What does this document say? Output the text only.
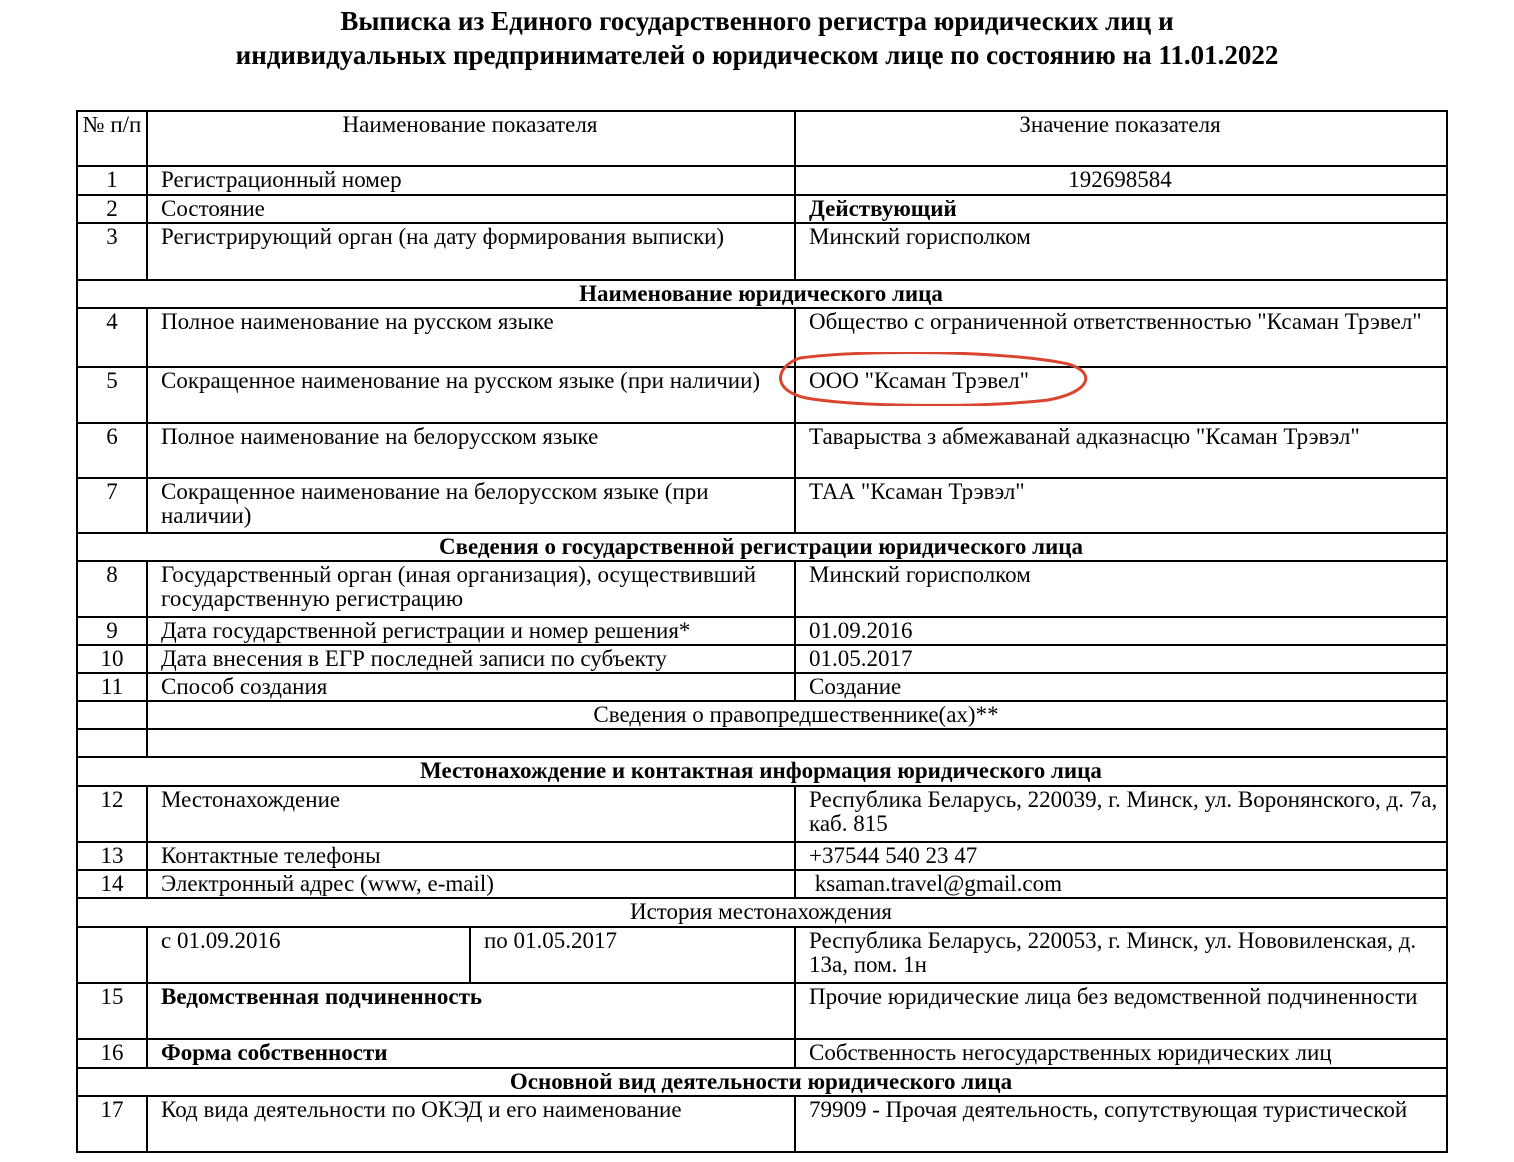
Выписка из Единого государственного регистра юридических лиц и
индивидуальных предпринимателей о юридическом лице по состоянию на 11.01.2022
№ п/п	Наименование показателя		Значение показателя
1	Регистрационный номер		192698584
2	Состояние		Действующий
3	Регистрирующий орган (на дату формирования выписки)		Минский горисполком
Наименование юридического лица			
4	Полное наименование на русском языке		Общество с ограниченной ответственностью "Ксаман Трэвел"
5	Сокращенное наименование на русском языке (при наличии)		ООО "Ксаман Трэвел"
6	Полное наименование на белорусском языке		Таварыства з абмежаванай адказнасцю "Ксаман Трэвэл"
7	Сокращенное наименование на белорусском языке (при наличии)		ТАА "Ксаман Трэвэл"
Сведения о государственной регистрации юридического лица			
8	Государственный орган (иная организация), осуществивший государственную регистрацию		Минский горисполком
9	Дата государственной регистрации и номер решения*		01.09.2016
10	Дата внесения в ЕГР последней записи по субъекту		01.05.2017
11	Способ создания		Создание
	Сведения о правопредшественнике(ах)**		

Местонахождение и контактная информация юридического лица			
12	Местонахождение		Республика Беларусь, 220039, г. Минск, ул. Воронянского, д. 7а, каб. 815
13	Контактные телефоны		+37544 540 23 47
14	Электронный адрес (www, e-mail)		ksaman.travel@gmail.com
История местонахождения			
	с 01.09.2016	по 01.05.2017	Республика Беларусь, 220053, г. Минск, ул. Нововиленская, д. 13а, пом. 1н
15	Ведомственная подчиненность		Прочие юридические лица без ведомственной подчиненности
16	Форма собственности		Собственность негосударственных юридических лиц
Основной вид деятельности юридического лица			
17	Код вида деятельности по ОКЭД и его наименование		79909 - Прочая деятельность, сопутствующая туристической
